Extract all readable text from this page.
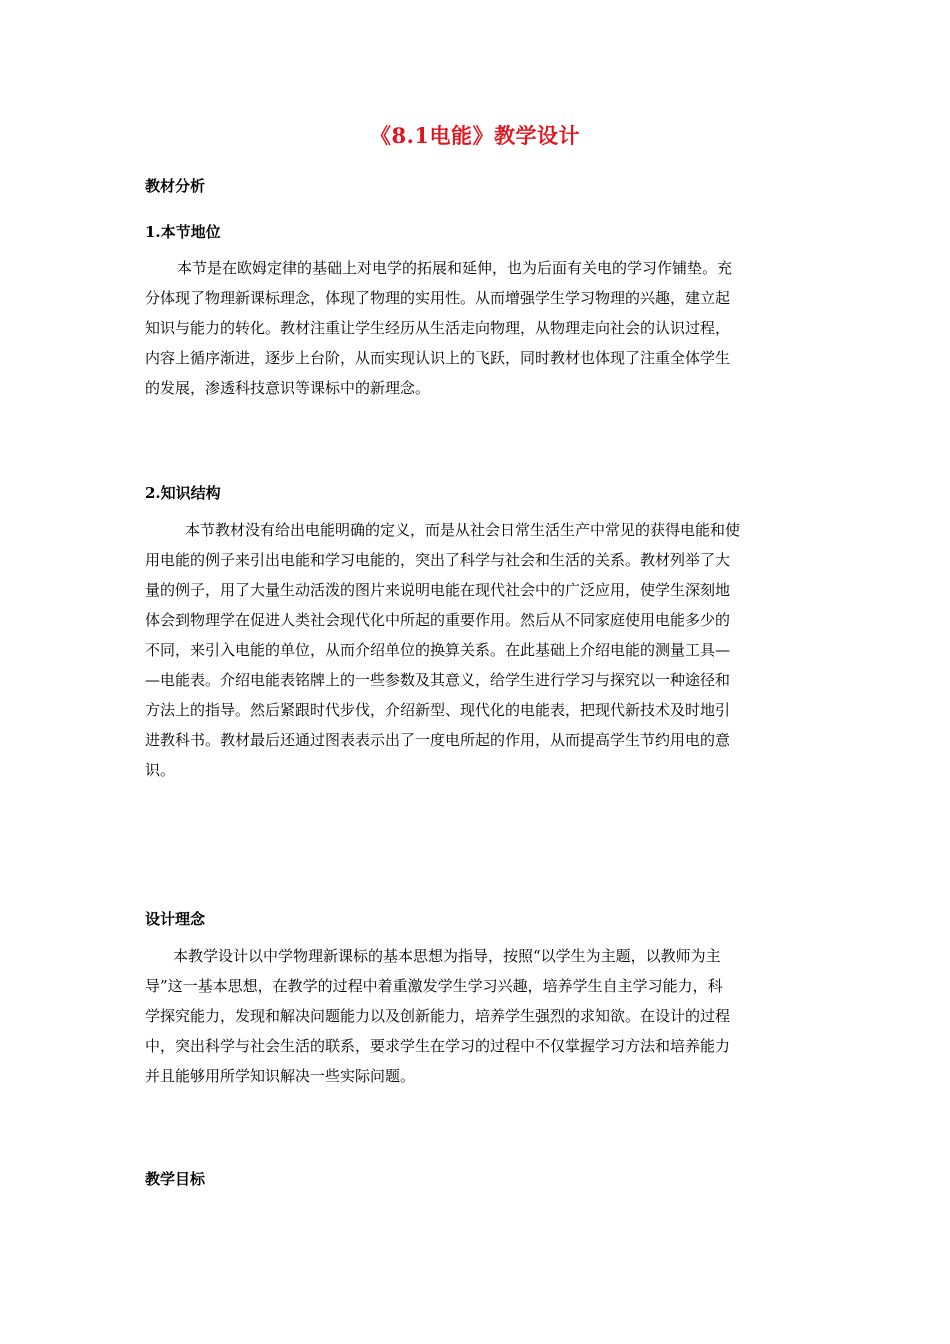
《8.1电能》教学设计
教材分析
1.本节地位
本节是在欧姆定律的基础上对电学的拓展和延伸，也为后面有关电的学习作铺垫。充
分体现了物理新课标理念，体现了物理的实用性。从而增强学生学习物理的兴趣，建立起
知识与能力的转化。教材注重让学生经历从生活走向物理，从物理走向社会的认识过程，
内容上循序渐进，逐步上台阶，从而实现认识上的飞跃，同时教材也体现了注重全体学生
的发展，渗透科技意识等课标中的新理念。
2.知识结构
本节教材没有给出电能明确的定义，而是从社会日常生活生产中常见的获得电能和使
用电能的例子来引出电能和学习电能的，突出了科学与社会和生活的关系。教材列举了大
量的例子，用了大量生动活泼的图片来说明电能在现代社会中的广泛应用，使学生深刻地
体会到物理学在促进人类社会现代化中所起的重要作用。然后从不同家庭使用电能多少的
不同，来引入电能的单位，从而介绍单位的换算关系。在此基础上介绍电能的测量工具—
—电能表。介绍电能表铭牌上的一些参数及其意义，给学生进行学习与探究以一种途径和
方法上的指导。然后紧跟时代步伐，介绍新型、现代化的电能表，把现代新技术及时地引
进教科书。教材最后还通过图表表示出了一度电所起的作用，从而提高学生节约用电的意
识。
设计理念
本教学设计以中学物理新课标的基本思想为指导，按照“以学生为主题，以教师为主
导”这一基本思想，在教学的过程中着重激发学生学习兴趣，培养学生自主学习能力，科
学探究能力，发现和解决问题能力以及创新能力，培养学生强烈的求知欲。在设计的过程
中，突出科学与社会生活的联系，要求学生在学习的过程中不仅掌握学习方法和培养能力
并且能够用所学知识解决一些实际问题。
教学目标
